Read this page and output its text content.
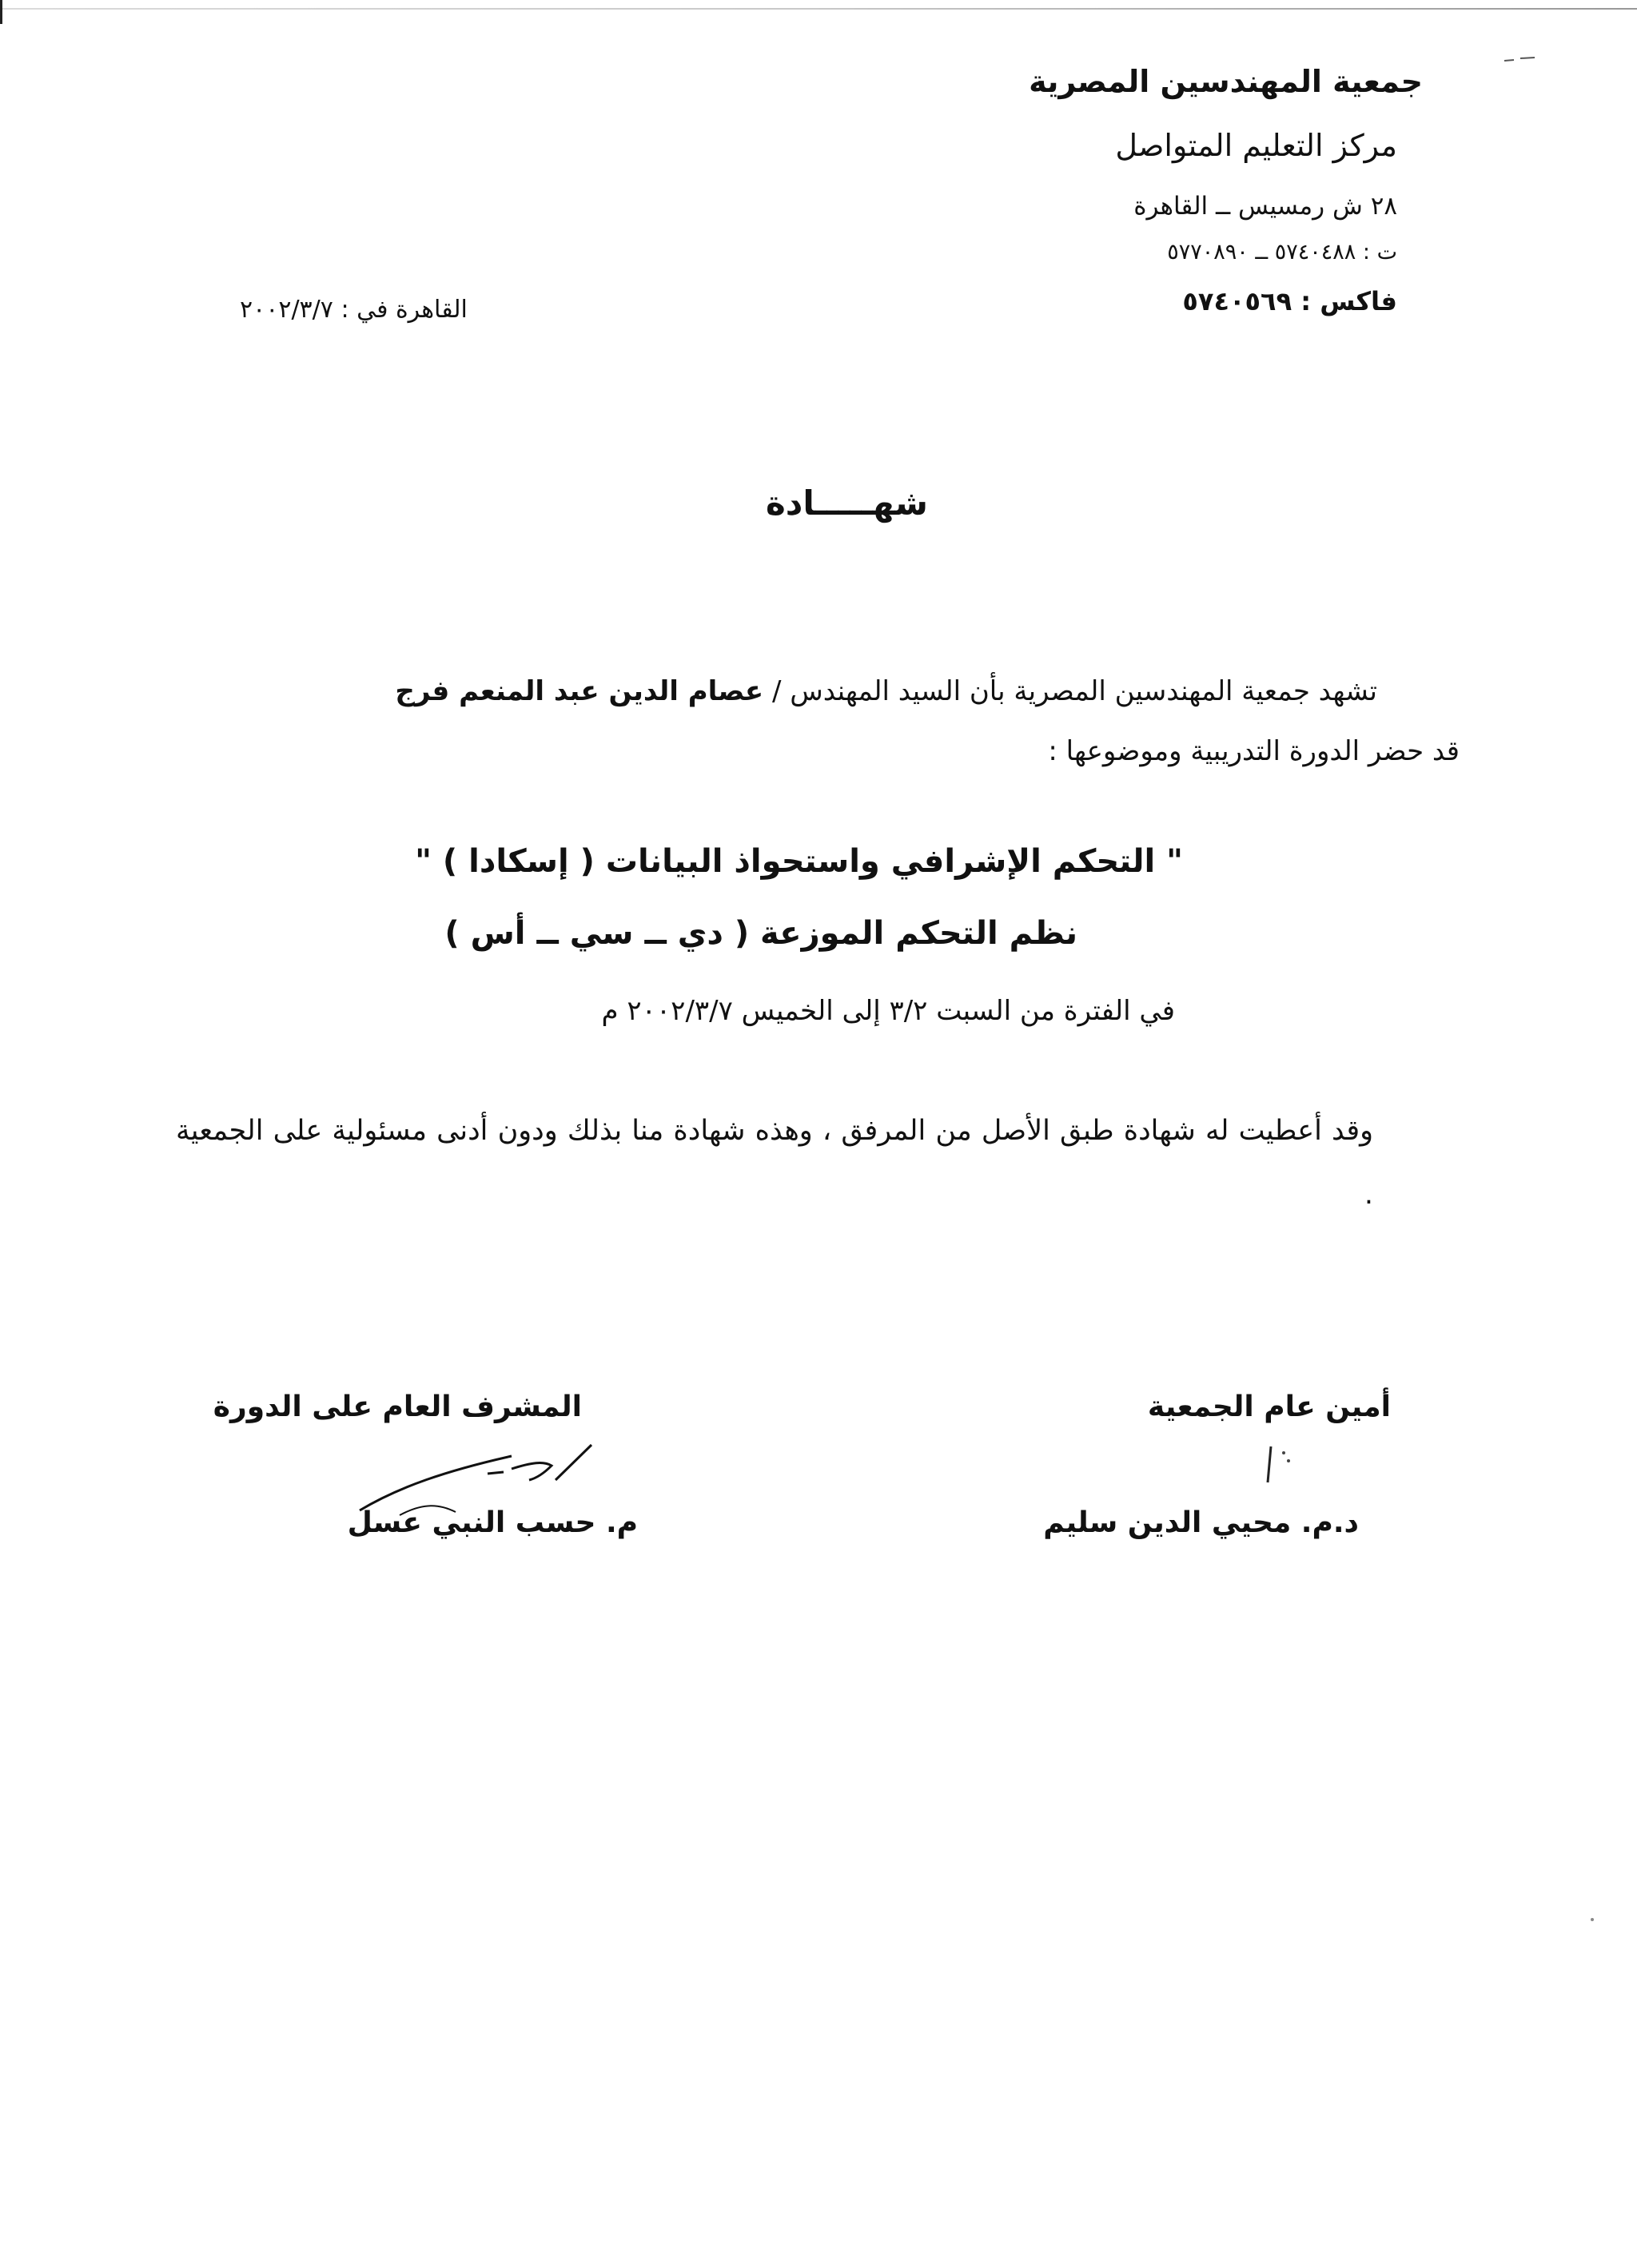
جمعية المهندسين المصرية
مركز التعليم المتواصل
٢٨ ش رمسيس ــ القاهرة
ت : ٥٧٤٠٤٨٨ ــ ٥٧٧٠٨٩٠
فاكس : ٥٧٤٠٥٦٩
القاهرة في : ٢٠٠٢/٣/٧
شهـــــادة
تشهد جمعية المهندسين المصرية بأن السيد المهندس / عصام الدين عبد المنعم فرج
قد حضر الدورة التدريبية وموضوعها :
" التحكم الإشرافي واستحواذ البيانات ( إسكادا ) "
نظم التحكم الموزعة ( دي ــ سي ــ أس )
في الفترة من السبت ٣/٢ إلى الخميس ٢٠٠٢/٣/٧ م
وقد أعطيت له شهادة طبق الأصل من المرفق ، وهذه شهادة منا بذلك ودون أدنى مسئولية على الجمعية .
المشرف العام على الدورة
م. حسب النبي عسل
أمين عام الجمعية
د.م. محيي الدين سليم
